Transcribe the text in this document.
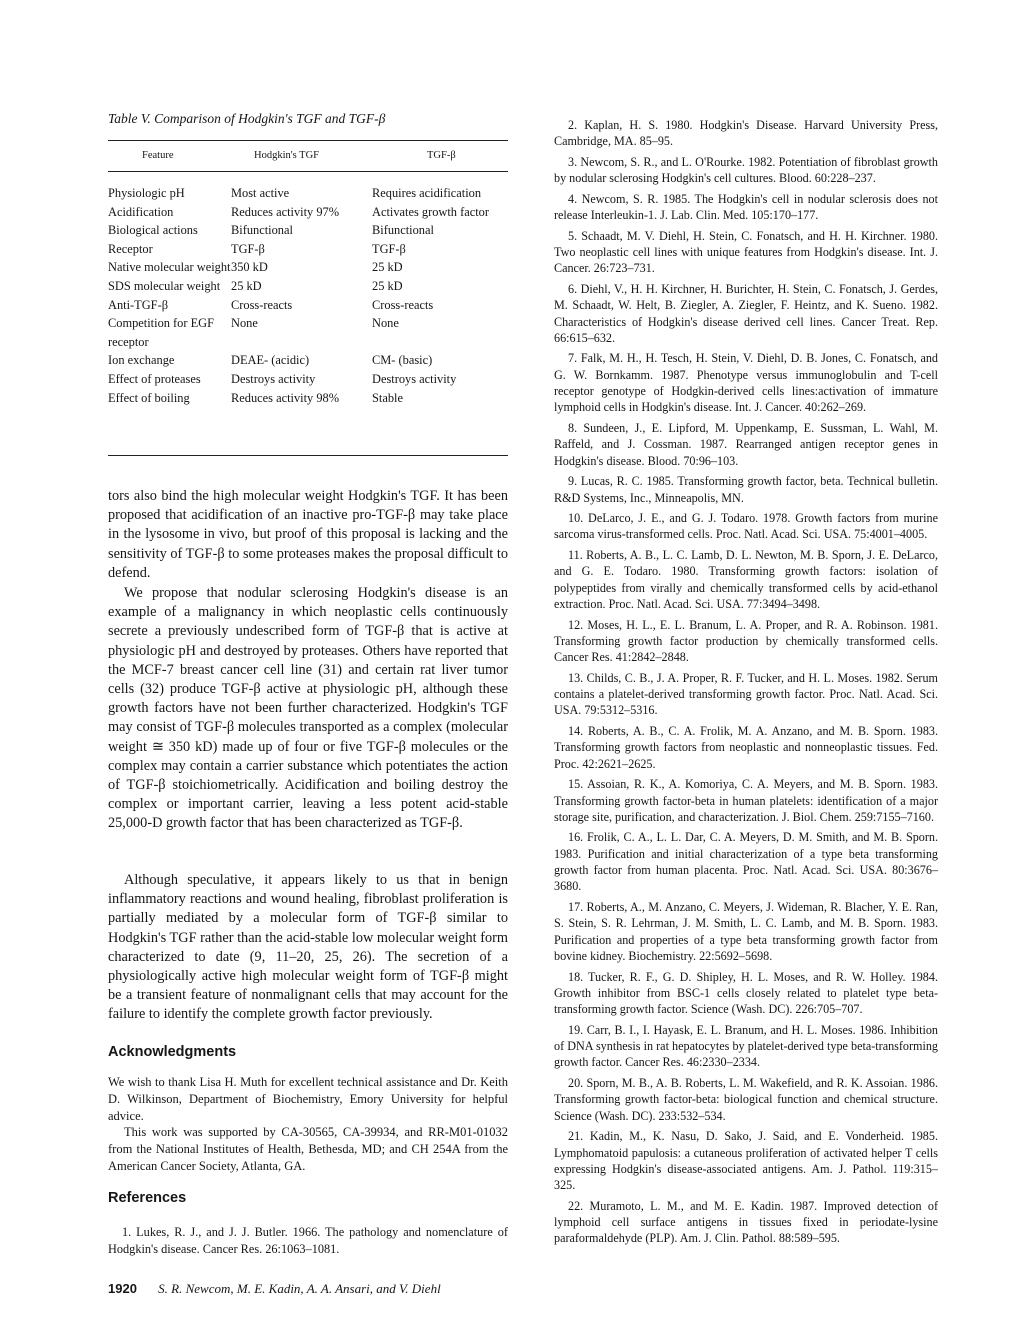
Table V. Comparison of Hodgkin's TGF and TGF-β
Feature	Hodgkin's TGF	TGF-β
Physiologic pH	Most active	Requires acidification
Acidification	Reduces activity 97%	Activates growth factor
Biological actions	Bifunctional	Bifunctional
Receptor	TGF-β	TGF-β
Native molecular weight	350 kD	25 kD
SDS molecular weight	25 kD	25 kD
Anti-TGF-β	Cross-reacts	Cross-reacts
Competition for EGF receptor	None	None
Ion exchange	DEAE- (acidic)	CM- (basic)
Effect of proteases	Destroys activity	Destroys activity
Effect of boiling	Reduces activity 98%	Stable

tors also bind the high molecular weight Hodgkin's TGF. It has been proposed that acidification of an inactive pro-TGF-β may take place in the lysosome in vivo, but proof of this proposal is lacking and the sensitivity of TGF-β to some proteases makes the proposal difficult to defend.

We propose that nodular sclerosing Hodgkin's disease is an example of a malignancy in which neoplastic cells continuously secrete a previously undescribed form of TGF-β that is active at physiologic pH and destroyed by proteases. Others have reported that the MCF-7 breast cancer cell line (31) and certain rat liver tumor cells (32) produce TGF-β active at physiologic pH, although these growth factors have not been further characterized. Hodgkin's TGF may consist of TGF-β molecules transported as a complex (molecular weight ≅ 350 kD) made up of four or five TGF-β molecules or the complex may contain a carrier substance which potentiates the action of TGF-β stoichiometrically. Acidification and boiling destroy the complex or important carrier, leaving a less potent acid-stable 25,000-D growth factor that has been characterized as TGF-β.

Although speculative, it appears likely to us that in benign inflammatory reactions and wound healing, fibroblast proliferation is partially mediated by a molecular form of TGF-β similar to Hodgkin's TGF rather than the acid-stable low molecular weight form characterized to date (9, 11–20, 25, 26). The secretion of a physiologically active high molecular weight form of TGF-β might be a transient feature of nonmalignant cells that may account for the failure to identify the complete growth factor previously.

Acknowledgments

We wish to thank Lisa H. Muth for excellent technical assistance and Dr. Keith D. Wilkinson, Department of Biochemistry, Emory University for helpful advice.

This work was supported by CA-30565, CA-39934, and RR-M01-01032 from the National Institutes of Health, Bethesda, MD; and CH 254A from the American Cancer Society, Atlanta, GA.

References

1. Lukes, R. J., and J. J. Butler. 1966. The pathology and nomenclature of Hodgkin's disease. Cancer Res. 26:1063–1081.

1920 S. R. Newcom, M. E. Kadin, A. A. Ansari, and V. Diehl
2. Kaplan, H. S. 1980. Hodgkin's Disease. Harvard University Press, Cambridge, MA. 85–95.
3. Newcom, S. R., and L. O'Rourke. 1982. Potentiation of fibroblast growth by nodular sclerosing Hodgkin's cell cultures. Blood. 60:228–237.
4. Newcom, S. R. 1985. The Hodgkin's cell in nodular sclerosis does not release Interleukin-1. J. Lab. Clin. Med. 105:170–177.
5. Schaadt, M. V. Diehl, H. Stein, C. Fonatsch, and H. H. Kirchner. 1980. Two neoplastic cell lines with unique features from Hodgkin's disease. Int. J. Cancer. 26:723–731.
6. Diehl, V., H. H. Kirchner, H. Burichter, H. Stein, C. Fonatsch, J. Gerdes, M. Schaadt, W. Helt, B. Ziegler, A. Ziegler, F. Heintz, and K. Sueno. 1982. Characteristics of Hodgkin's disease derived cell lines. Cancer Treat. Rep. 66:615–632.
7. Falk, M. H., H. Tesch, H. Stein, V. Diehl, D. B. Jones, C. Fonatsch, and G. W. Bornkamm. 1987. Phenotype versus immunoglobulin and T-cell receptor genotype of Hodgkin-derived cells lines:activation of immature lymphoid cells in Hodgkin's disease. Int. J. Cancer. 40:262–269.
8. Sundeen, J., E. Lipford, M. Uppenkamp, E. Sussman, L. Wahl, M. Raffeld, and J. Cossman. 1987. Rearranged antigen receptor genes in Hodgkin's disease. Blood. 70:96–103.
9. Lucas, R. C. 1985. Transforming growth factor, beta. Technical bulletin. R&D Systems, Inc., Minneapolis, MN.
10. DeLarco, J. E., and G. J. Todaro. 1978. Growth factors from murine sarcoma virus-transformed cells. Proc. Natl. Acad. Sci. USA. 75:4001–4005.
11. Roberts, A. B., L. C. Lamb, D. L. Newton, M. B. Sporn, J. E. DeLarco, and G. E. Todaro. 1980. Transforming growth factors: isolation of polypeptides from virally and chemically transformed cells by acid-ethanol extraction. Proc. Natl. Acad. Sci. USA. 77:3494–3498.
12. Moses, H. L., E. L. Branum, L. A. Proper, and R. A. Robinson. 1981. Transforming growth factor production by chemically transformed cells. Cancer Res. 41:2842–2848.
13. Childs, C. B., J. A. Proper, R. F. Tucker, and H. L. Moses. 1982. Serum contains a platelet-derived transforming growth factor. Proc. Natl. Acad. Sci. USA. 79:5312–5316.
14. Roberts, A. B., C. A. Frolik, M. A. Anzano, and M. B. Sporn. 1983. Transforming growth factors from neoplastic and nonneoplastic tissues. Fed. Proc. 42:2621–2625.
15. Assoian, R. K., A. Komoriya, C. A. Meyers, and M. B. Sporn. 1983. Transforming growth factor-beta in human platelets: identification of a major storage site, purification, and characterization. J. Biol. Chem. 259:7155–7160.
16. Frolik, C. A., L. L. Dar, C. A. Meyers, D. M. Smith, and M. B. Sporn. 1983. Purification and initial characterization of a type beta transforming growth factor from human placenta. Proc. Natl. Acad. Sci. USA. 80:3676–3680.
17. Roberts, A., M. Anzano, C. Meyers, J. Wideman, R. Blacher, Y. E. Ran, S. Stein, S. R. Lehrman, J. M. Smith, L. C. Lamb, and M. B. Sporn. 1983. Purification and properties of a type beta transforming growth factor from bovine kidney. Biochemistry. 22:5692–5698.
18. Tucker, R. F., G. D. Shipley, H. L. Moses, and R. W. Holley. 1984. Growth inhibitor from BSC-1 cells closely related to platelet type beta-transforming growth factor. Science (Wash. DC). 226:705–707.
19. Carr, B. I., I. Hayask, E. L. Branum, and H. L. Moses. 1986. Inhibition of DNA synthesis in rat hepatocytes by platelet-derived type beta-transforming growth factor. Cancer Res. 46:2330–2334.
20. Sporn, M. B., A. B. Roberts, L. M. Wakefield, and R. K. Assoian. 1986. Transforming growth factor-beta: biological function and chemical structure. Science (Wash. DC). 233:532–534.
21. Kadin, M., K. Nasu, D. Sako, J. Said, and E. Vonderheid. 1985. Lymphomatoid papulosis: a cutaneous proliferation of activated helper T cells expressing Hodgkin's disease-associated antigens. Am. J. Pathol. 119:315–325.
22. Muramoto, L. M., and M. E. Kadin. 1987. Improved detection of lymphoid cell surface antigens in tissues fixed in periodate-lysine paraformaldehyde (PLP). Am. J. Clin. Pathol. 88:589–595.
